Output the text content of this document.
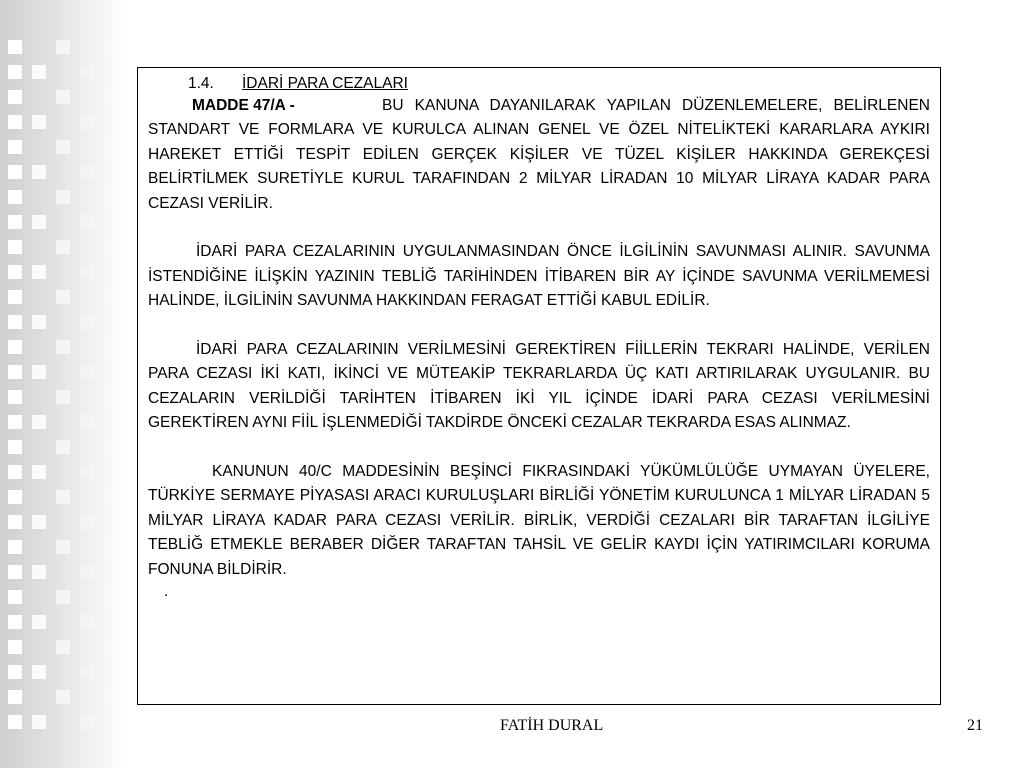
1.4. İDARİ PARA CEZALARI

MADDE 47/A -	BU KANUNA DAYANILARAK YAPILAN DÜZENLEMELERE, BELİRLENEN STANDART VE FORMLARA VE KURULCA ALINAN GENEL VE ÖZEL NİTELİKTEKİ KARARLARA AYKIRI HAREKET ETTİĞİ TESPİT EDİLEN GERÇEK KİŞİLER VE TÜZEL KİŞİLER HAKKINDA GEREKÇESİ BELİRTİLMEK SURETİYLE KURUL TARAFINDAN 2 MİLYAR LİRADAN 10 MİLYAR LİRAYA KADAR PARA CEZASI VERİLİR.

İDARİ PARA CEZALARININ UYGULANMASINDAN ÖNCE İLGİLİNİN SAVUNMASI ALINIR. SAVUNMA İSTENDİĞİNE İLİŞKİN YAZININ TEBLİĞ TARİHİNDEN İTİBAREN BİR AY İÇİNDE SAVUNMA VERİLMEMESİ HALİNDE, İLGİLİNİN SAVUNMA HAKKINDAN FERAGAT ETTİĞİ KABUL EDİLİR.

İDARİ PARA CEZALARININ VERİLMESİNİ GEREKTİREN FİİLLERİN TEKRARI HALİNDE, VERİLEN PARA CEZASI İKİ KATI, İKİNCİ VE MÜTEAKİP TEKRARLARDA ÜÇ KATI ARTIRILARAK UYGULANIR. BU CEZALARIN VERİLDİĞİ TARİHTEN İTİBAREN İKİ YIL İÇİNDE İDARİ PARA CEZASI VERİLMESİNİ GEREKTİREN AYNI FİİL İŞLENMEDİĞİ TAKDİRDE ÖNCEKİ CEZALAR TEKRARDA ESAS ALINMAZ.

KANUNUN 40/C MADDESİNİN BEŞİNCİ FIKRASINDAKİ YÜKÜMLÜLÜĞE UYMAYAN ÜYELERE, TÜRKİYE SERMAYE PİYASASI ARACI KURULUŞLARI BİRLİĞİ YÖNETİM KURULUNCA 1 MİLYAR LİRADAN 5 MİLYAR LİRAYA KADAR PARA CEZASI VERİLİR. BİRLİK, VERDİĞİ CEZALARI BİR TARAFTAN İLGİLİYE TEBLİĞ ETMEKLE BERABER DİĞER TARAFTAN TAHSİL VE GELİR KAYDI İÇİN YATIRIMCILARI KORUMA FONUNA BİLDİRİR.

.
FATİH DURAL	21
